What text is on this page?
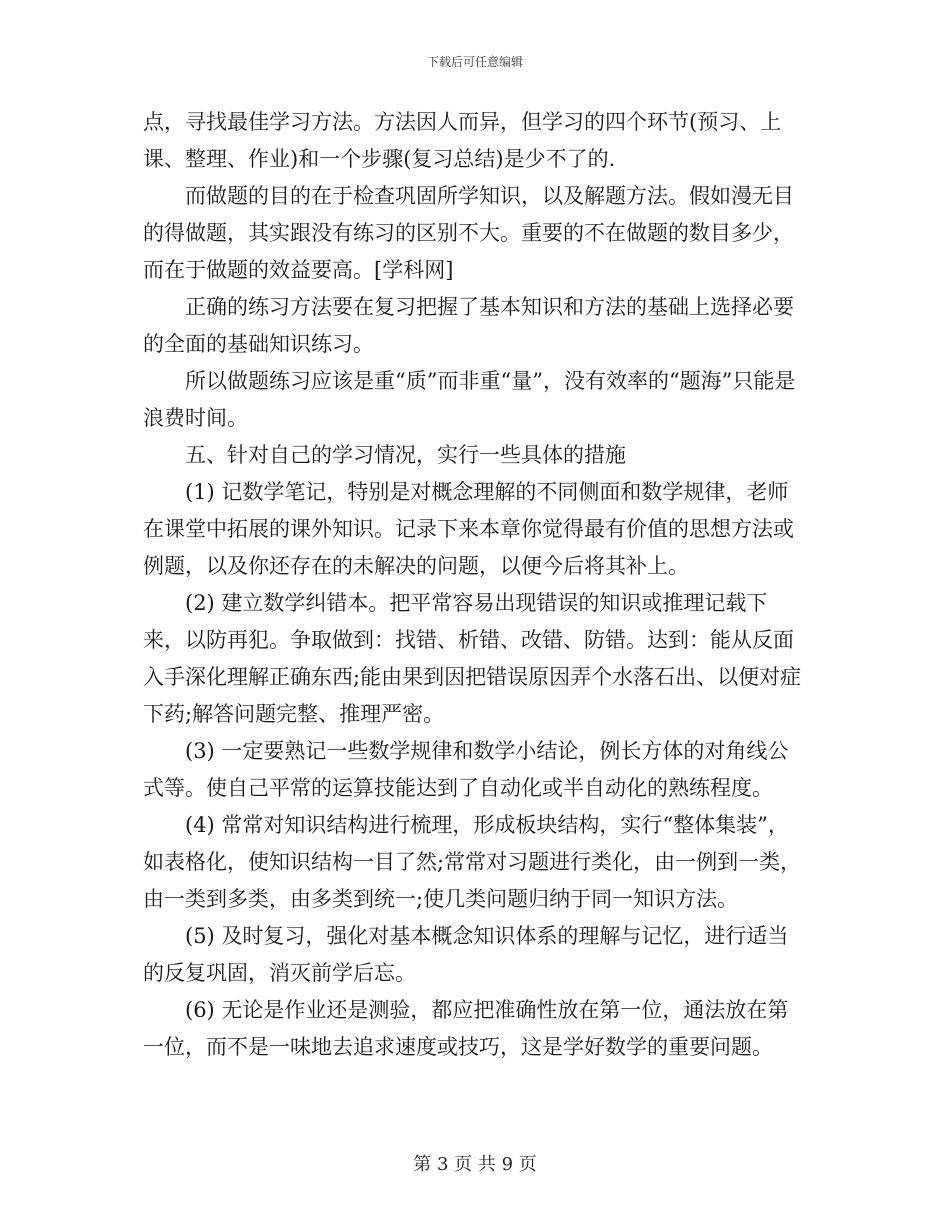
下载后可任意编辑

点，寻找最佳学习方法。方法因人而异，但学习的四个环节(预习、上课、整理、作业)和一个步骤(复习总结)是少不了的.

而做题的目的在于检查巩固所学知识，以及解题方法。假如漫无目的得做题，其实跟没有练习的区别不大。重要的不在做题的数目多少，而在于做题的效益要高。[学科网]

正确的练习方法要在复习把握了基本知识和方法的基础上选择必要的全面的基础知识练习。

所以做题练习应该是重“质”而非重“量”，没有效率的“题海”只能是浪费时间。

五、针对自己的学习情况，实行一些具体的措施

(1) 记数学笔记，特别是对概念理解的不同侧面和数学规律，老师在课堂中拓展的课外知识。记录下来本章你觉得最有价值的思想方法或例题，以及你还存在的未解决的问题，以便今后将其补上。

(2) 建立数学纠错本。把平常容易出现错误的知识或推理记载下来，以防再犯。争取做到：找错、析错、改错、防错。达到：能从反面入手深化理解正确东西;能由果到因把错误原因弄个水落石出、以便对症下药;解答问题完整、推理严密。

(3) 一定要熟记一些数学规律和数学小结论，例长方体的对角线公式等。使自己平常的运算技能达到了自动化或半自动化的熟练程度。

(4) 常常对知识结构进行梳理，形成板块结构，实行“整体集装”，如表格化，使知识结构一目了然;常常对习题进行类化，由一例到一类，由一类到多类，由多类到统一;使几类问题归纳于同一知识方法。

(5) 及时复习，强化对基本概念知识体系的理解与记忆，进行适当的反复巩固，消灭前学后忘。

(6) 无论是作业还是测验，都应把准确性放在第一位，通法放在第一位，而不是一味地去追求速度或技巧，这是学好数学的重要问题。

第 3 页 共 9 页
